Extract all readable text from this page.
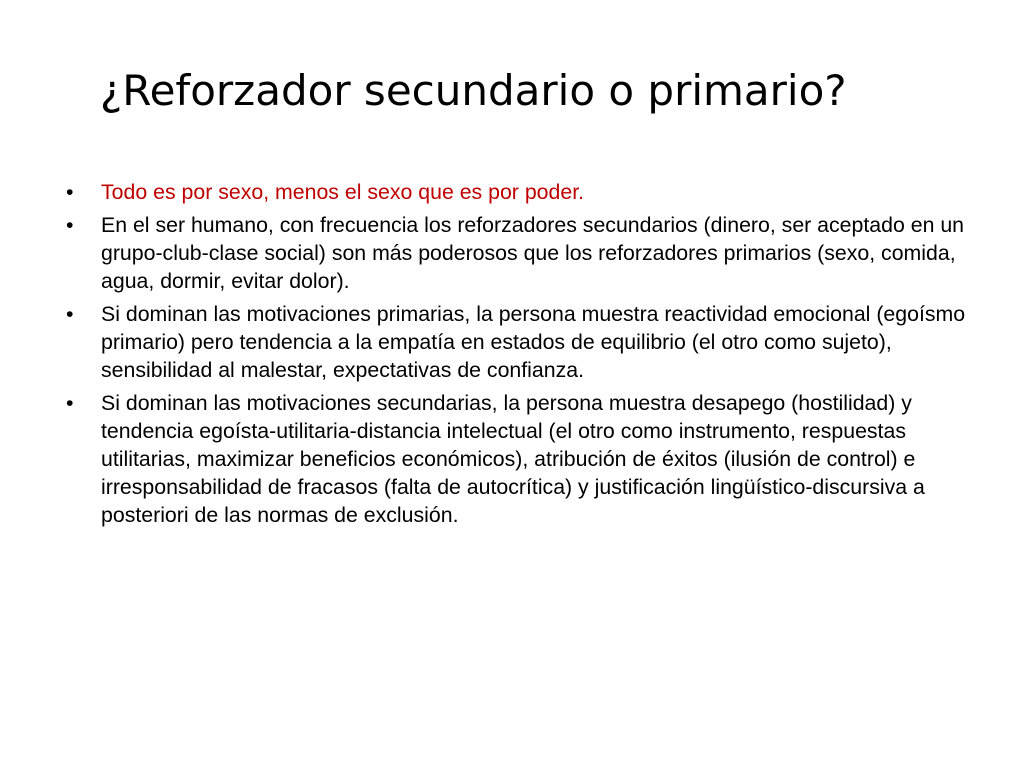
¿Reforzador secundario o primario?
•	Todo es por sexo, menos el sexo que es por poder.
•	En el ser humano, con frecuencia los reforzadores secundarios (dinero, ser aceptado en un grupo-club-clase social) son más poderosos que los reforzadores primarios (sexo, comida, agua, dormir, evitar dolor).
•	Si dominan las motivaciones primarias, la persona muestra reactividad emocional (egoísmo primario) pero tendencia a la empatía en estados de equilibrio (el otro como sujeto), sensibilidad al malestar, expectativas de confianza.
•	Si dominan las motivaciones secundarias, la persona muestra desapego (hostilidad) y tendencia egoísta-utilitaria-distancia intelectual (el otro como instrumento, respuestas utilitarias, maximizar beneficios económicos), atribución de éxitos (ilusión de control) e irresponsabilidad de fracasos (falta de autocrítica) y justificación lingüístico-discursiva a posteriori de las normas de exclusión.
